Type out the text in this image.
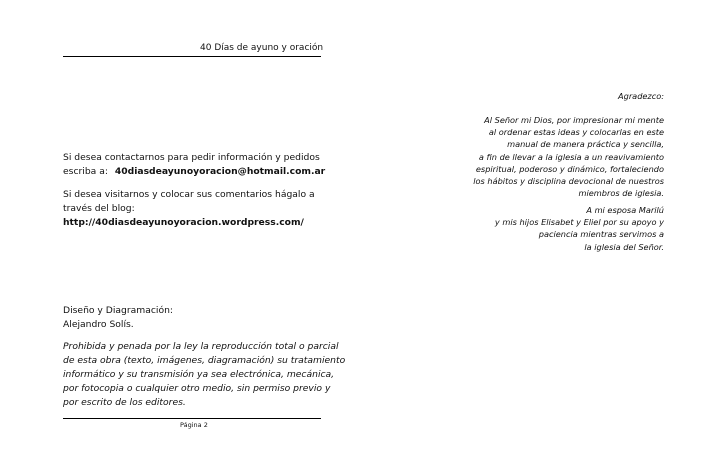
40 Días de ayuno y oración
Si desea contactarnos para pedir información y pedidos
escriba a: 40diasdeayunoyoracion@hotmail.com.ar
Si desea visitarnos y colocar sus comentarios hágalo a
través del blog:
http://40diasdeayunoyoracion.wordpress.com/
Diseño y Diagramación:
Alejandro Solís.
Prohibida y penada por la ley la reproducción total o parcial
de esta obra (texto, imágenes, diagramación) su tratamiento
informático y su transmisión ya sea electrónica, mecánica,
por fotocopia o cualquier otro medio, sin permiso previo y
por escrito de los editores.
Página 2
Agradezco:
Al Señor mi Dios, por impresionar mi mente
al ordenar estas ideas y colocarlas en este
manual de manera práctica y sencilla,
a fin de llevar a la iglesia a un reavivamiento
espiritual, poderoso y dinámico, fortaleciendo
los hábitos y disciplina devocional de nuestros
miembros de iglesia.
A mi esposa Marilú
y mis hijos Elisabet y Eliel por su apoyo y
paciencia mientras servimos a
la iglesia del Señor.
